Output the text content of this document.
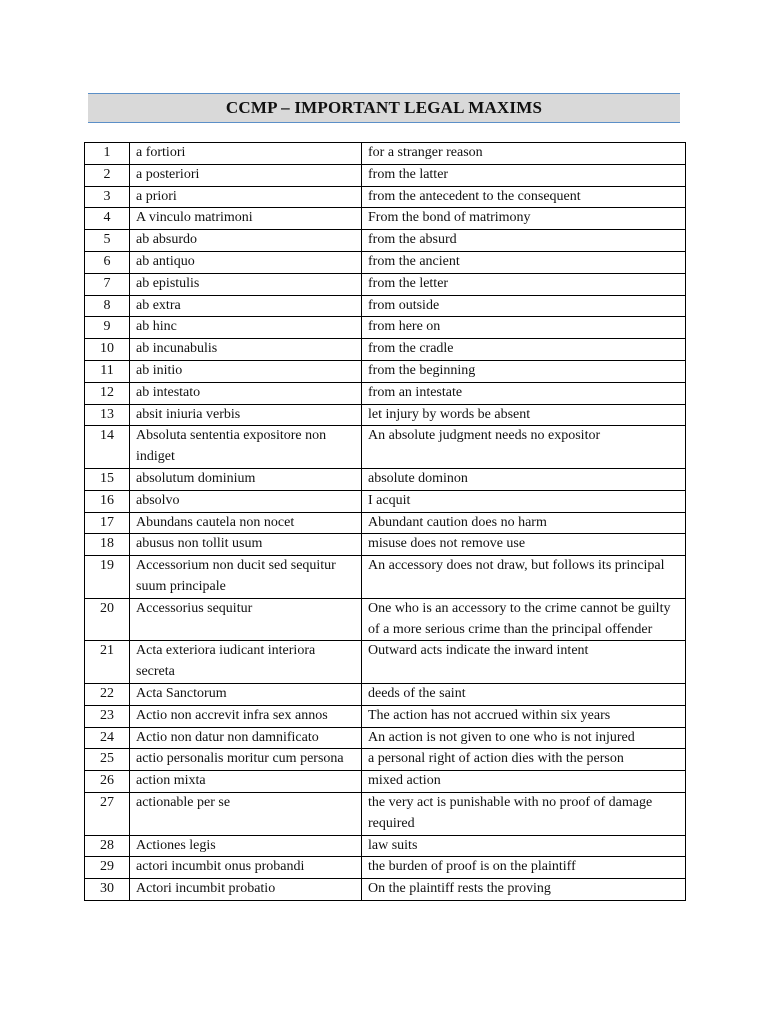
CCMP – IMPORTANT LEGAL MAXIMS
1	a fortiori	for a stranger reason
2	a posteriori	from the latter
3	a priori	from the antecedent to the consequent
4	A vinculo matrimoni	From the bond of matrimony
5	ab absurdo	from the absurd
6	ab antiquo	from the ancient
7	ab epistulis	from the letter
8	ab extra	from outside
9	ab hinc	from here on
10	ab incunabulis	from the cradle
11	ab initio	from the beginning
12	ab intestato	from an intestate
13	absit iniuria verbis	let injury by words be absent
14	Absoluta sententia expositore non indiget	An absolute judgment needs no expositor
15	absolutum dominium	absolute dominon
16	absolvo	I acquit
17	Abundans cautela non nocet	Abundant caution does no harm
18	abusus non tollit usum	misuse does not remove use
19	Accessorium non ducit sed sequitur suum principale	An accessory does not draw, but follows its principal
20	Accessorius sequitur	One who is an accessory to the crime cannot be guilty of a more serious crime than the principal offender
21	Acta exteriora iudicant interiora secreta	Outward acts indicate the inward intent
22	Acta Sanctorum	deeds of the saint
23	Actio non accrevit infra sex annos	The action has not accrued within six years
24	Actio non datur non damnificato	An action is not given to one who is not injured
25	actio personalis moritur cum persona	a personal right of action dies with the person
26	action mixta	mixed action
27	actionable per se	the very act is punishable with no proof of damage required
28	Actiones legis	law suits
29	actori incumbit onus probandi	the burden of proof is on the plaintiff
30	Actori incumbit probatio	On the plaintiff rests the proving
